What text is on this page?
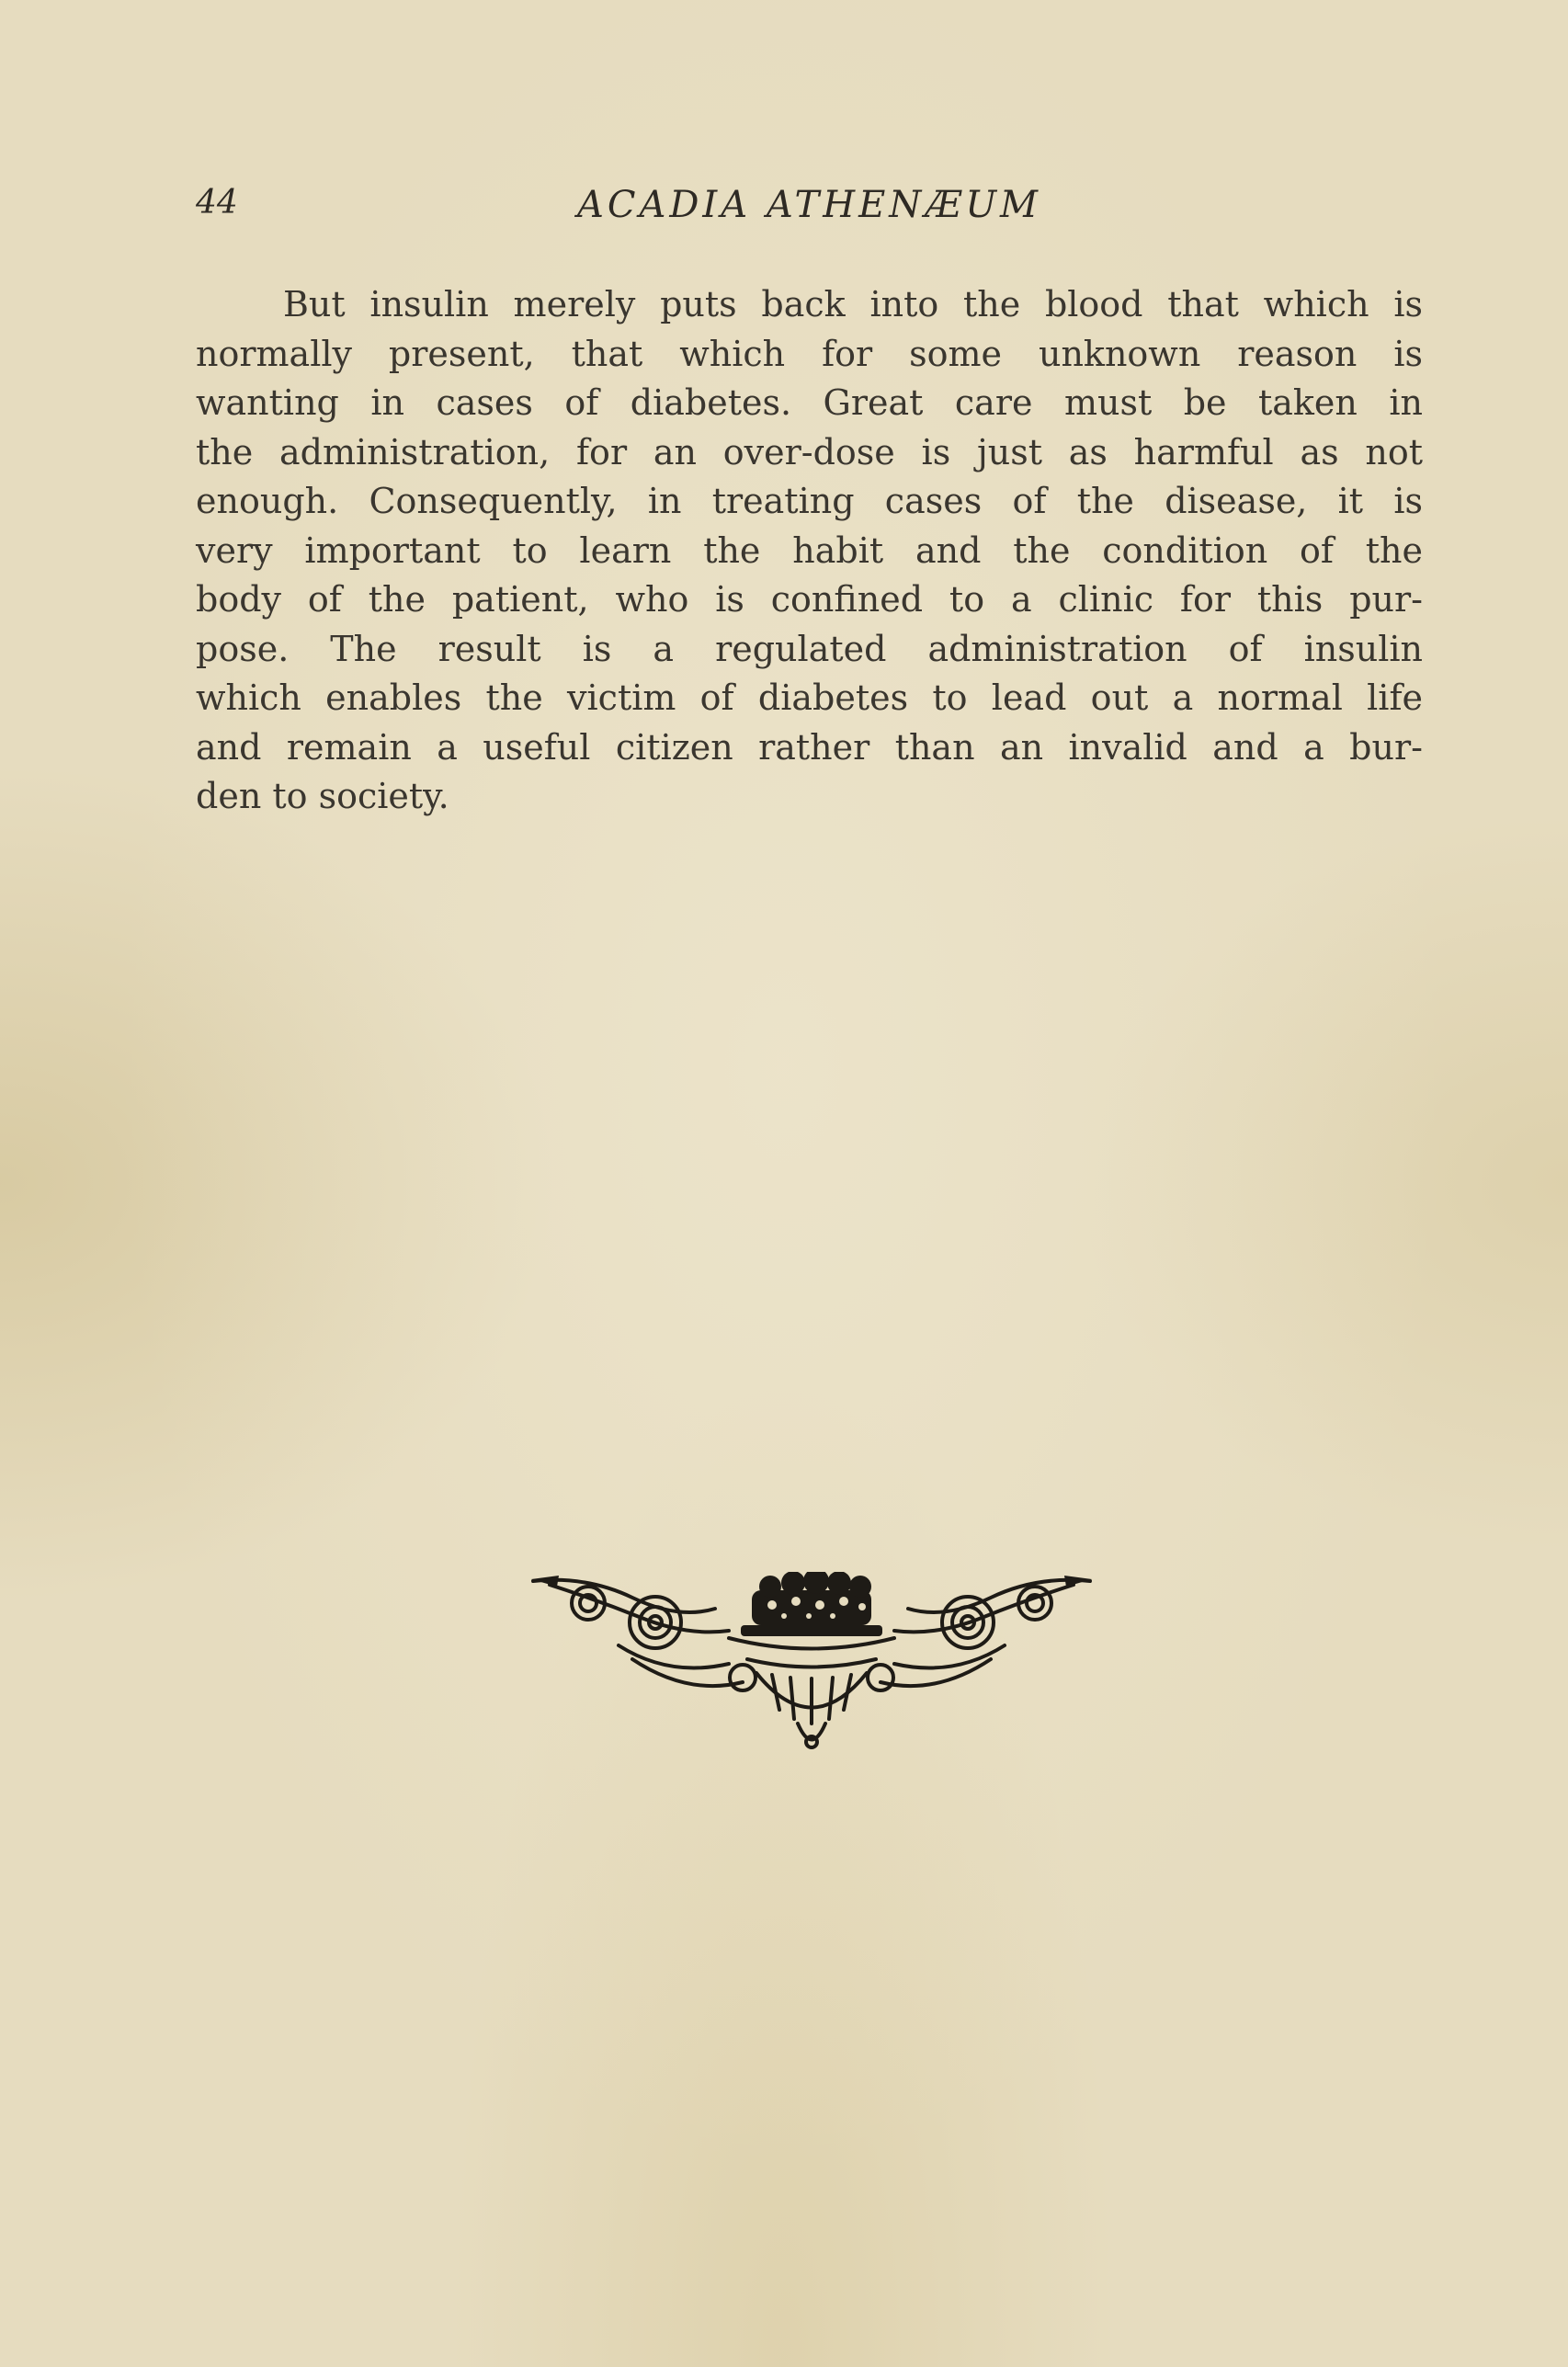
44	ACADIA ATHENÆUM
But insulin merely puts back into the blood that which is
normally present, that which for some unknown reason is
wanting in cases of diabetes. Great care must be taken in
the administration, for an over-dose is just as harmful as not
enough. Consequently, in treating cases of the disease, it is
very important to learn the habit and the condition of the
body of the patient, who is confined to a clinic for this pur-
pose. The result is a regulated administration of insulin
which enables the victim of diabetes to lead out a normal life
and remain a useful citizen rather than an invalid and a bur-
den to society.
